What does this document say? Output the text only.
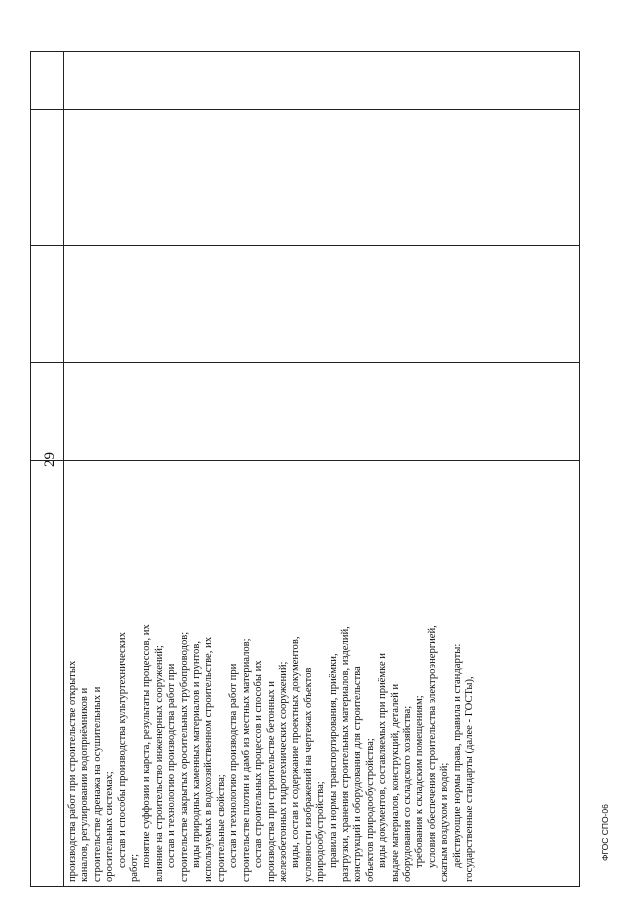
29

производства работ при строительстве открытых каналов, регулировании водоприёмников и строительстве дренажа на осушительных и оросительных системах; состав и способы производства культуртехнических работ; понятие суффозии и карста, результаты процессов, их влияние на строительство инженерных сооружений; состав и технологию производства работ при строительстве закрытых оросительных трубопроводов; виды природных каменных материалов и грунтов, используемых в водохозяйственном строительстве, их строительные свойства; состав и технологию производства работ при строительстве плотин и дамб из местных материалов; состав строительных процессов и способы их производства при строительстве бетонных и железобетонных гидротехнических сооружений; виды, состав и содержание проектных документов, условности изображений на чертежах объектов природообустройства; правила и нормы транспортирования, приёмки, разгрузки, хранения строительных материалов, изделий, конструкций и оборудования для строительства объектов природообустройства; виды документов, составляемых при приёмке и выдаче материалов, конструкций, деталей и оборудования со складского хозяйства; требования к складским помещениям; условия обеспечения строительства электроэнергией, сжатым воздухом и водой; действующие нормы права, правила и стандарты: государственные стандарты (далее - ГОСТы),	ФГОС СПО-06
